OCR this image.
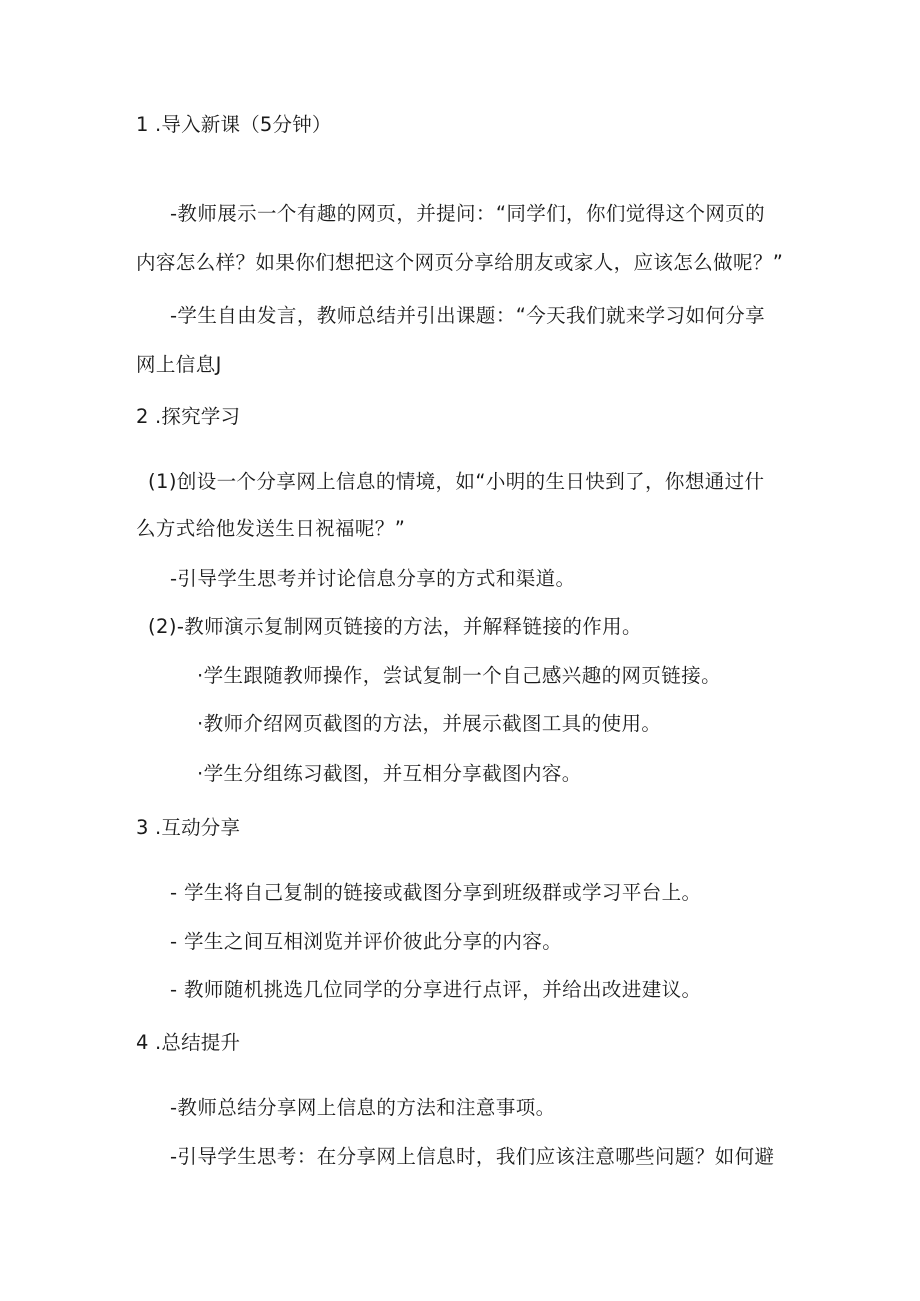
1 .导入新课（5分钟）
-教师展示一个有趣的网页，并提问：“同学们，你们觉得这个网页的
内容怎么样？如果你们想把这个网页分享给朋友或家人，应该怎么做呢？”
-学生自由发言，教师总结并引出课题：“今天我们就来学习如何分享
网上信息J
2 .探究学习
(1)创设一个分享网上信息的情境，如“小明的生日快到了，你想通过什
么方式给他发送生日祝福呢？”
-引导学生思考并讨论信息分享的方式和渠道。
(2)-教师演示复制网页链接的方法，并解释链接的作用。
·学生跟随教师操作，尝试复制一个自己感兴趣的网页链接。
·教师介绍网页截图的方法，并展示截图工具的使用。
·学生分组练习截图，并互相分享截图内容。
3 .互动分享
- 学生将自己复制的链接或截图分享到班级群或学习平台上。
- 学生之间互相浏览并评价彼此分享的内容。
- 教师随机挑选几位同学的分享进行点评，并给出改进建议。
4 .总结提升
-教师总结分享网上信息的方法和注意事项。
-引导学生思考：在分享网上信息时，我们应该注意哪些问题？如何避
